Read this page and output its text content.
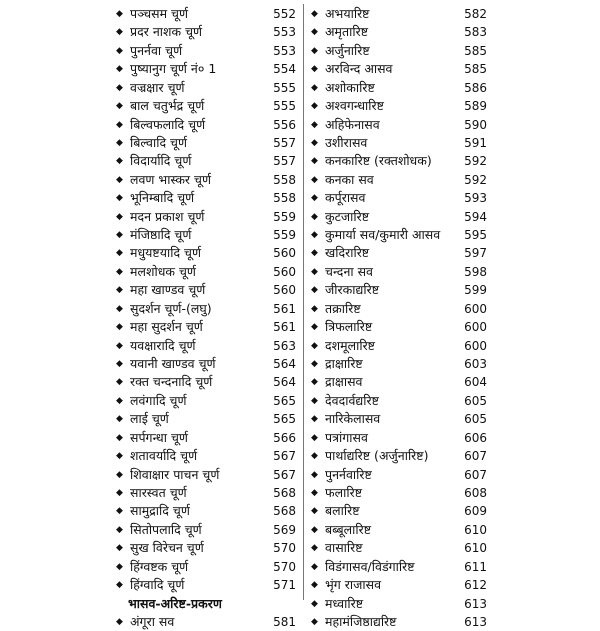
◆ पञ्चसम चूर्ण	552
◆ प्रदर नाशक चूर्ण	553
◆ पुनर्नवा चूर्ण	553
◆ पुष्यानुग चूर्ण नं० 1	554
◆ वज्रक्षार चूर्ण	555
◆ बाल चतुर्भद्र चूर्ण	555
◆ बिल्वफलादि चूर्ण	556
◆ बिल्वादि चूर्ण	557
◆ विदार्यादि चूर्ण	557
◆ लवण भास्कर चूर्ण	558
◆ भूनिम्बादि चूर्ण	558
◆ मदन प्रकाश चूर्ण	559
◆ मंजिष्ठादि चूर्ण	559
◆ मधुयष्टयादि चूर्ण	560
◆ मलशोधक चूर्ण	560
◆ महा खाण्डव चूर्ण	560
◆ सुदर्शन चूर्ण-(लघु)	561
◆ महा सुदर्शन चूर्ण	561
◆ यवक्षारादि चूर्ण	563
◆ यवानी खाण्डव चूर्ण	564
◆ रक्त चन्दनादि चूर्ण	564
◆ लवंगादि चूर्ण	565
◆ लाई चूर्ण	565
◆ सर्पगन्धा चूर्ण	566
◆ शतावर्यादि चूर्ण	567
◆ शिवाक्षार पाचन चूर्ण	567
◆ सारस्वत चूर्ण	568
◆ सामुद्रादि चूर्ण	568
◆ सितोपलादि चूर्ण	569
◆ सुख विरेचन चूर्ण	570
◆ हिंग्वष्टक चूर्ण	570
◆ हिंग्वादि चूर्ण	571
भासव-अरिष्ट-प्रकरण
◆ अंगूरा सव	581
◆ अभयारिष्ट	582
◆ अमृतारिष्ट	583
◆ अर्जुनारिष्ट	585
◆ अरविन्द आसव	585
◆ अशोकारिष्ट	586
◆ अश्वगन्धारिष्ट	589
◆ अहिफेनासव	590
◆ उशीरासव	591
◆ कनकारिष्ट (रक्तशोधक)	592
◆ कनका सव	592
◆ कर्पूरासव	593
◆ कुटजारिष्ट	594
◆ कुमार्या सव/कुमारी आसव 595
◆ खदिरारिष्ट	597
◆ चन्दना सव	598
◆ जीरकाद्यरिष्ट	599
◆ तक्रारिष्ट	600
◆ त्रिफलारिष्ट	600
◆ दशमूलारिष्ट	600
◆ द्राक्षारिष्ट	603
◆ द्राक्षासव	604
◆ देवदार्वद्यरिष्ट	605
◆ नारिकेलासव	605
◆ पत्रांगासव	606
◆ पार्थाद्यरिष्ट (अर्जुनारिष्ट)	607
◆ पुनर्नवारिष्ट	607
◆ फलारिष्ट	608
◆ बलारिष्ट	609
◆ बब्बूलारिष्ट	610
◆ वासारिष्ट	610
◆ विडंगासव/विडंगारिष्ट	611
◆ भृंग राजासव	612
◆ मध्वारिष्ट	613
◆ महामंजिष्ठाद्यरिष्ट	613
